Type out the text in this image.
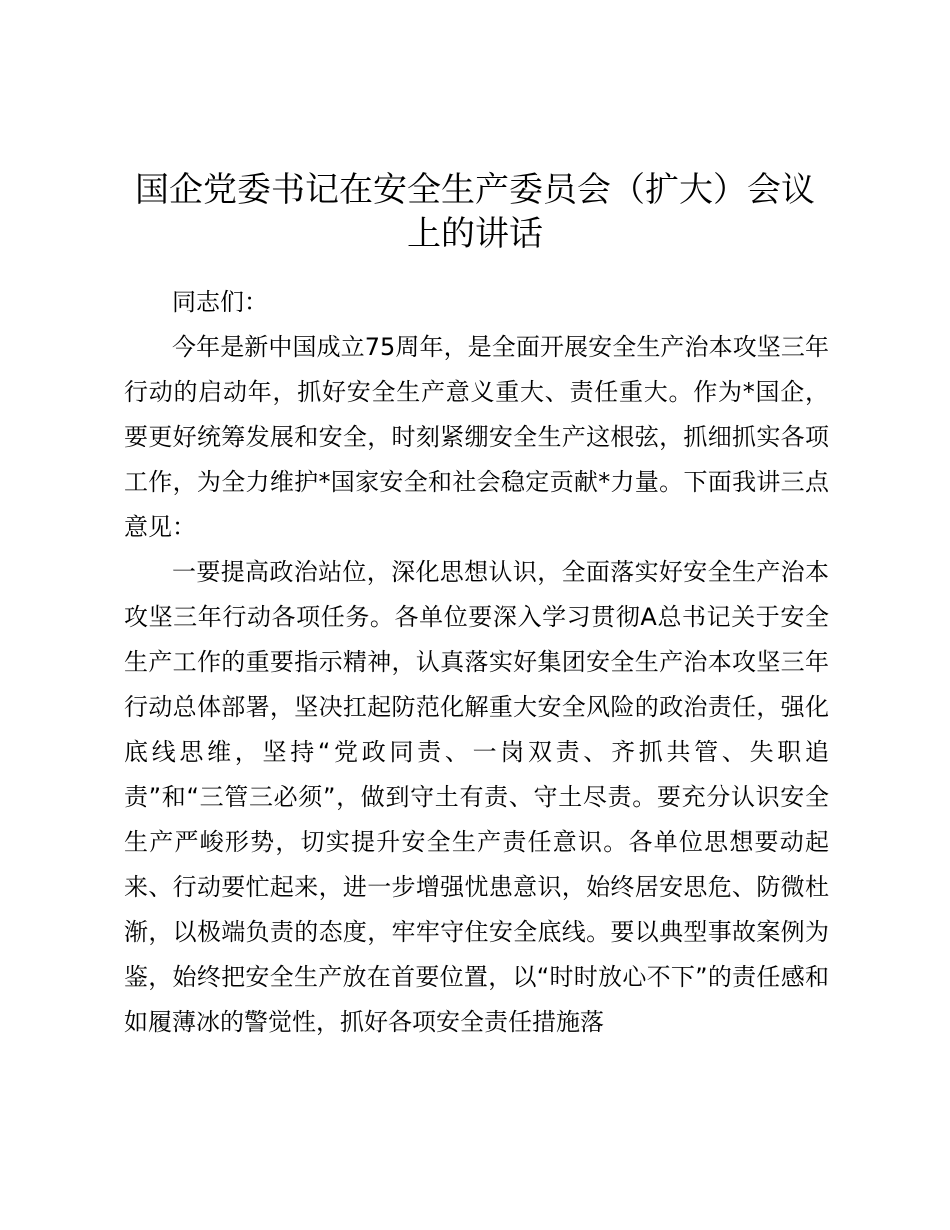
国企党委书记在安全生产委员会（扩大）会议
上的讲话

同志们：

今年是新中国成立75周年，是全面开展安全生产治本攻坚三年行动的启动年，抓好安全生产意义重大、责任重大。作为*国企，要更好统筹发展和安全，时刻紧绷安全生产这根弦，抓细抓实各项工作，为全力维护*国家安全和社会稳定贡献*力量。下面我讲三点意见：

一要提高政治站位，深化思想认识，全面落实好安全生产治本攻坚三年行动各项任务。各单位要深入学习贯彻A总书记关于安全生产工作的重要指示精神，认真落实好集团安全生产治本攻坚三年行动总体部署，坚决扛起防范化解重大安全风险的政治责任，强化底线思维，坚持“党政同责、一岗双责、齐抓共管、失职追责”和“三管三必须”，做到守土有责、守土尽责。要充分认识安全生产严峻形势，切实提升安全生产责任意识。各单位思想要动起来、行动要忙起来，进一步增强忧患意识，始终居安思危、防微杜渐，以极端负责的态度，牢牢守住安全底线。要以典型事故案例为鉴，始终把安全生产放在首要位置，以“时时放心不下”的责任感和如履薄冰的警觉性，抓好各项安全责任措施落
